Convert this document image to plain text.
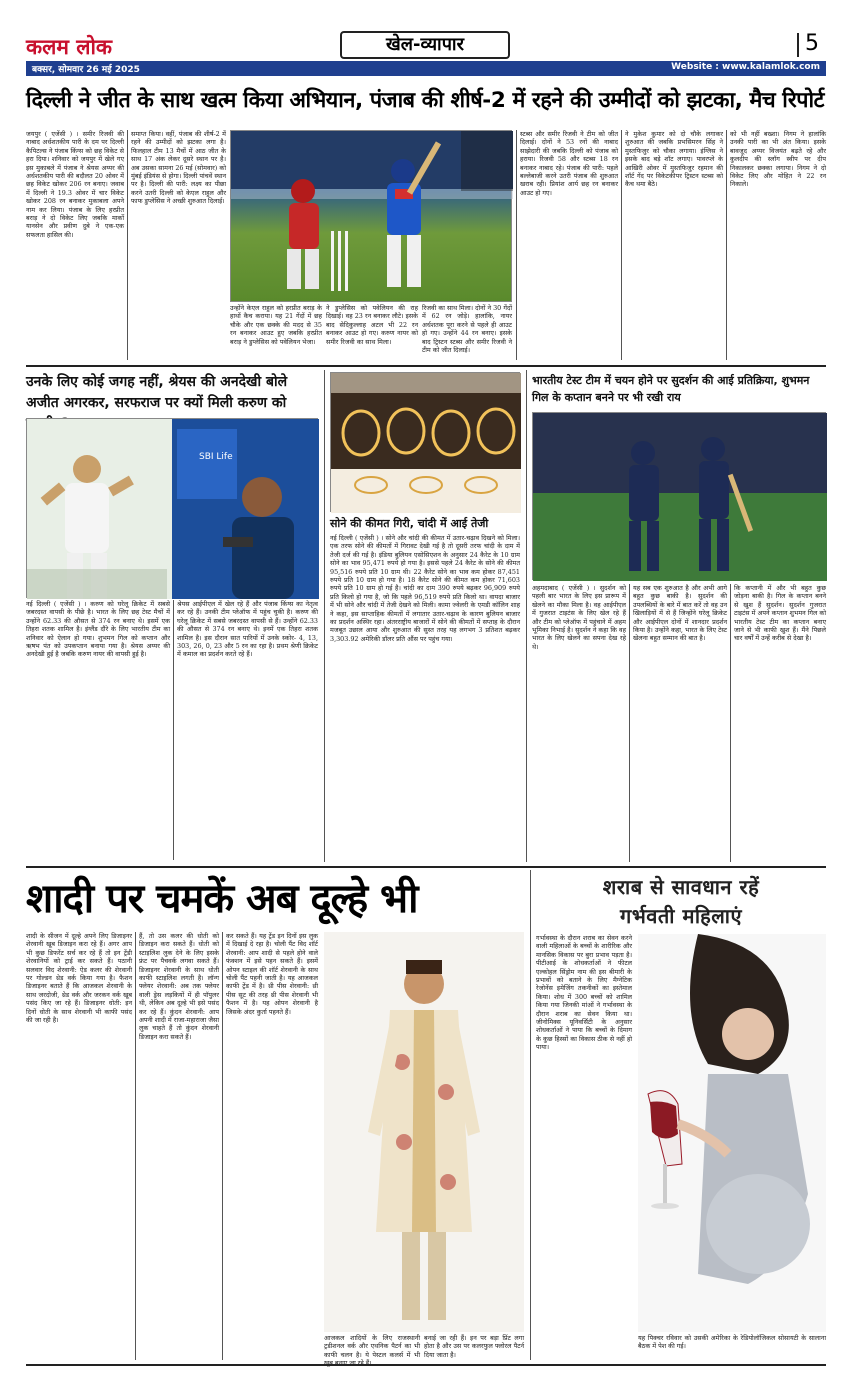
कलम लोक	खेल-व्यापार	5
बक्सर, सोमवार 26 मई 2025	Website : www.kalamlok.com
दिल्ली ने जीत के साथ खत्म किया अभियान, पंजाब की शीर्ष-2 में रहने की उम्मीदों को झटका, मैच रिपोर्ट
जयपुर ( एजेंसी ) । समीर रिजवी की नाबाद अर्धशतकीय पारी के दम पर दिल्ली कैपिटल्स ने पंजाब किंग्स को छह विकेट से हरा दिया। शनिवार को जयपुर में खेले गए इस मुकाबले में पंजाब ने श्रेयस अय्यर की अर्धशतकीय पारी की बदौलत 20 ओवर में छह विकेट खोकर 206 रन बनाए। जवाब में दिल्ली ने 19.3 ओवर में चार विकेट खोकर 208 रन बनाकर मुकाबला अपने नाम कर लिया। पंजाब के लिए हरप्रीत बराड़ ने दो विकेट लिए जबकि मार्को यानसेन और प्रवीण दुबे ने एक-एक सफलता हासिल की।
समाप्त किया। वहीं, पंजाब की शीर्ष-2 में रहने की उम्मीदों को झटका लगा है। फिलहाल टीम 13 मैचों में आठ जीत के साथ 17 अंक लेकर दूसरे स्थान पर है। अब उसका सामना 26 मई (सोमवार) को मुंबई इंडियंस से होगा। दिल्ली पांचवें स्थान पर है। दिल्ली की पारी: लक्ष्य का पीछा करने उतरी दिल्ली को केएल राहुल और फाफ डुप्लेसिस ने अच्छी शुरुआत दिलाई।
उन्होंने केएल राहुल को हरप्रीत बराड़ के हाथों कैच कराया। यह 21 गेंदों में छह चौके और एक छक्के की मदद से 35 रन बनाकर आउट हुए जबकि हरप्रीत बराड़ ने डुप्लेसिस को पवेलियन भेजा।
ने डुप्लेसिस को पवेलियन की राह दिखाई। वह 23 रन बनाकर लौटे। इसके बाद सेदिकुल्लाह अटल भी 22 रन बनाकर आउट हो गए। करुण नायर को समीर रिजवी का साथ मिला।
रिजवी का साथ मिला। दोनों ने 30 गेंदों में 62 रन जोड़े। हालांकि, नायर अर्धशतक पूरा करने से पहले ही आउट हो गए। उन्होंने 44 रन बनाए। इसके बाद ट्रिस्टन स्टब्स और समीर रिजवी ने टीम को जीत दिलाई।
स्टब्स और समीर रिजवी ने टीम को जीत दिलाई। दोनों ने 53 रनों की नाबाद साझेदारी की जबकि दिल्ली को पंजाब को हराया। रिजवी 58 और स्टब्स 18 रन बनाकर नाबाद रहे। पंजाब की पारी: पहले बल्लेबाजी करने उतरी पंजाब की शुरुआत खराब रही। प्रियांश आर्य छह रन बनाकर आउट हो गए।
ने मुकेश कुमार को दो चौके लगाकर शुरुआत की जबकि प्रभसिमरन सिंह ने मुस्तफिजुर को चौका लगाया। इंग्लिस ने इसके बाद बड़े शॉट लगाए। पावरप्ले के आखिरी ओवर में मुस्तफिजुर रहमान की शॉर्ट गेंद पर विकेटकीपर ट्रिस्टन स्टब्स को कैच थमा बैठे।
को भी नहीं बख्शा। निगम ने हालांकि उनकी पारी का भी अंत किया। इसके बावजूद अय्यर विजयंत बढ़ते रहे और कुलदीप की स्लॉग स्वीप पर दीप निकालकर छक्का लगाया। निगम ने दो विकेट लिए और मोहित ने 22 रन निकाले।
उनके लिए कोई जगह नहीं, श्रेयस की अनदेखी बोले अजीत अगरकर, सरफराज पर क्यों मिली करुण को
SBI Life
नई दिल्ली ( एजेंसी ) । करुण को घरेलू क्रिकेट में सबसे जबरदस्त वापसी के पीछे है। भारत के लिए छह टेस्ट मैचों में उन्होंने 62.33 की औसत से 374 रन बनाए थे। इसमें एक तिहरा शतक शामिल है। इंग्लैंड दौरे के लिए भारतीय टीम का शनिवार को ऐलान हो गया। शुभमन गिल को कप्तान और ऋषभ पंत को उपकप्तान बनाया गया है। श्रेयस अय्यर की अनदेखी हुई है जबकि करुण नायर की वापसी हुई है।
श्रेयस आईपीएल में खेल रहे हैं और पंजाब किंग्स का नेतृत्व कर रहे हैं। उनकी टीम प्लेऑफ में पहुंच चुकी है। करुण की घरेलू क्रिकेट में सबसे जबरदस्त वापसी से हैं। उन्होंने 62.33 की औसत से 374 रन बनाए थे। इनमें एक तिहरा शतक शामिल है। इस दौरान सात पारियों में उनके स्कोर- 4, 13, 303, 26, 0, 23 और 5 रन का रहा है। प्रथम श्रेणी क्रिकेट में कमाल का प्रदर्शन करते रहे हैं।
सोने की कीमत गिरी, चांदी में आई तेजी
नई दिल्ली ( एजेंसी ) । सोने और चांदी की कीमत में उतार-चढ़ाव दिखने को मिला। एक तरफ सोने की कीमतों में गिरावट देखी गई है तो दूसरी तरफ चांदी के दाम में तेजी दर्ज की गई है। इंडिया बुलियन एसोसिएशन के अनुसार 24 कैरेट के 10 ग्राम सोने का भाव 95,471 रुपये हो गया है। इससे पहले 24 कैरेट के सोने की कीमत 95,516 रुपये प्रति 10 ग्राम थी। 22 कैरेट सोने का भाव कम होकर 87,451 रुपये प्रति 10 ग्राम हो गया है। 18 कैरेट सोने की कीमत कम होकर 71,603 रुपये प्रति 10 ग्राम हो गई है। चांदी का दाम 390 रुपये बढ़कर 96,909 रुपये प्रति किलो हो गया है, जो कि पहले 96,519 रुपये प्रति किलो था। वायदा बाजार में भी सोने और चांदी में तेजी देखने को मिली। कामा ज्वेलरी के एमडी कॉलिन शाह ने कहा, इस साप्ताहिक कीमतों में लगातार उतार-चढ़ाव के कारण बुलियन बाजार का प्रदर्शन अस्थिर रहा। अंतरराष्ट्रीय बाजारों में सोने की कीमतों में सप्ताह के दौरान मजबूत उछाल आया और शुरुआत की सुस्त तरह यह लगभग 3 प्रतिशत बढ़कर 3,303.92 अमेरिकी डॉलर प्रति औंस पर पहुंच गया।
भारतीय टेस्ट टीम में चयन होने पर सुदर्शन की आई प्रतिक्रिया, शुभमन गिल के कप्तान बनने पर भी रखी राय
अहमदाबाद ( एजेंसी ) । सुदर्शन को पहली बार भारत के लिए इस प्रारूप में खेलने का मौका मिला है। वह आईपीएल में गुजरात टाइटंस के लिए खेल रहे हैं और टीम को प्लेऑफ में पहुंचाने में अहम भूमिका निभाई है। सुदर्शन ने कहा कि वह भारत के लिए खेलने का सपना देख रहे थे।
यह सब एक शुरुआत है और अभी आगे बहुत कुछ बाकी है। सुदर्शन की उपलब्धियों के बारे में बात करें तो वह उन खिलाड़ियों में से हैं जिन्होंने घरेलू क्रिकेट और आईपीएल दोनों में शानदार प्रदर्शन किया है। उन्होंने कहा, भारत के लिए टेस्ट खेलना बहुत सम्मान की बात है।
कि कप्तानी में और भी बहुत कुछ जोड़ना बाकी है। गिल के कप्तान बनने से खुश हैं सुदर्शन। सुदर्शन गुजरात टाइटंस में अपने कप्तान शुभमन गिल को भारतीय टेस्ट टीम का कप्तान बनाए जाने से भी काफी खुश हैं। मैंने पिछले चार वर्षों में उन्हें करीब से देखा है।
शादी पर चमकें अब दूल्हे भी
शादी के सीजन में दूल्हे अपने लिए डिजाइनर शेरवानी खूब डिजाइन करा रहे हैं। अगर आप भी कुछ डिफरेंट सर्च कर रहे हैं तो इन ट्रेंडी शेरवानियों को ट्राई कर सकते हैं। पठानी सलवार विद शेरवानी: ऐड कलर की शेरवानी पर गोल्डन थ्रेड वर्क किया गया है। फैशन डिजाइनर बताते हैं कि आजकल शेरवानी के साथ जरदोजी, थ्रेड वर्क और जरकन वर्क खूब पसंद किए जा रहे हैं। डिजाइनर धोती: इन दिनों धोती के साथ शेरवानी भी काफी पसंद की जा रही है।
हैं, तो उस कलर की धोती को डिजाइन करा सकते हैं। धोती को स्टाइलिश लुक देने के लिए इसके फ्रंट पर पैचवर्क लगवा सकते हैं। डिजाइनर शेरवानी के साथ धोती काफी स्टाइलिश लगती है। लॉन्ग फ्लेयर शेरवानी: अब तक फ्लेयर वाली ड्रेस लड़कियों में ही पॉपुलर थी, लेकिन अब दूल्हे भी इसे पसंद कर रहे हैं। कुंदन शेरवानी: आप अपनी शादी में राजा-महाराजा जैसा लुक चाहते हैं तो कुंदन शेरवानी डिजाइन करा सकते हैं।
कर सकते हैं। यह ट्रेंड इन दिनों इस लुक में दिखाई दे रहा है। चोली पैंट विद शॉर्ट शेरवानी: आप शादी से पहले होने वाले फंक्शन में इसे पहन सकते हैं। इसमें ओपन स्टाइल की शॉर्ट शेरवानी के साथ चोली पैंट पहनी जाती है। यह आजकल काफी ट्रेंड में है। थ्री पीस शेरवानी: थ्री पीस सूट की तरह थ्री पीस शेरवानी भी फैशन में है। यह ओपन शेरवानी है जिसके अंदर कुर्ता पहनते हैं।
आजकल शादियों के लिए राजस्थानी ट्रडीशनल वर्क और एथनिक पैटर्न का भी काफी चलन है। ये पेस्टल कलर्स में भी
बनाई जा रही हैं। इन पर बड़ा प्रिंट लगा होता है और उस पर कलरफुल फ्लोरल पैटर्न दिया जाता है।
शराब से सावधान रहें
गर्भवती महिलाएं
गर्भावस्था के दौरान शराब का सेवन करने वाली महिलाओं के बच्चों के शारीरिक और मानसिक विकास पर बुरा प्रभाव पड़ता है। पीटीआई के शोधकर्ताओं ने फीटल एल्कोहल सिंड्रोम नाम की इस बीमारी के प्रभावों को बताने के लिए मैग्नेटिक रेजोनेंस इमेजिंग तकनीकों का इस्तेमाल किया। शोध में 300 बच्चों को शामिल किया गया जिनकी मांओं ने गर्भावस्था के दौरान शराब का सेवन किया था। जीनोमिक्स यूनिवर्सिटी के अनुसार शोधकर्ताओं ने पाया कि बच्चों के दिमाग के कुछ हिस्सों का विकास ठीक से नहीं हो पाया।
यह पिक्चर रविवार को उसकी अमेरिका के रेडियोलॉजिकल सोसायटी के सालाना बैठक में पेश की गई।
